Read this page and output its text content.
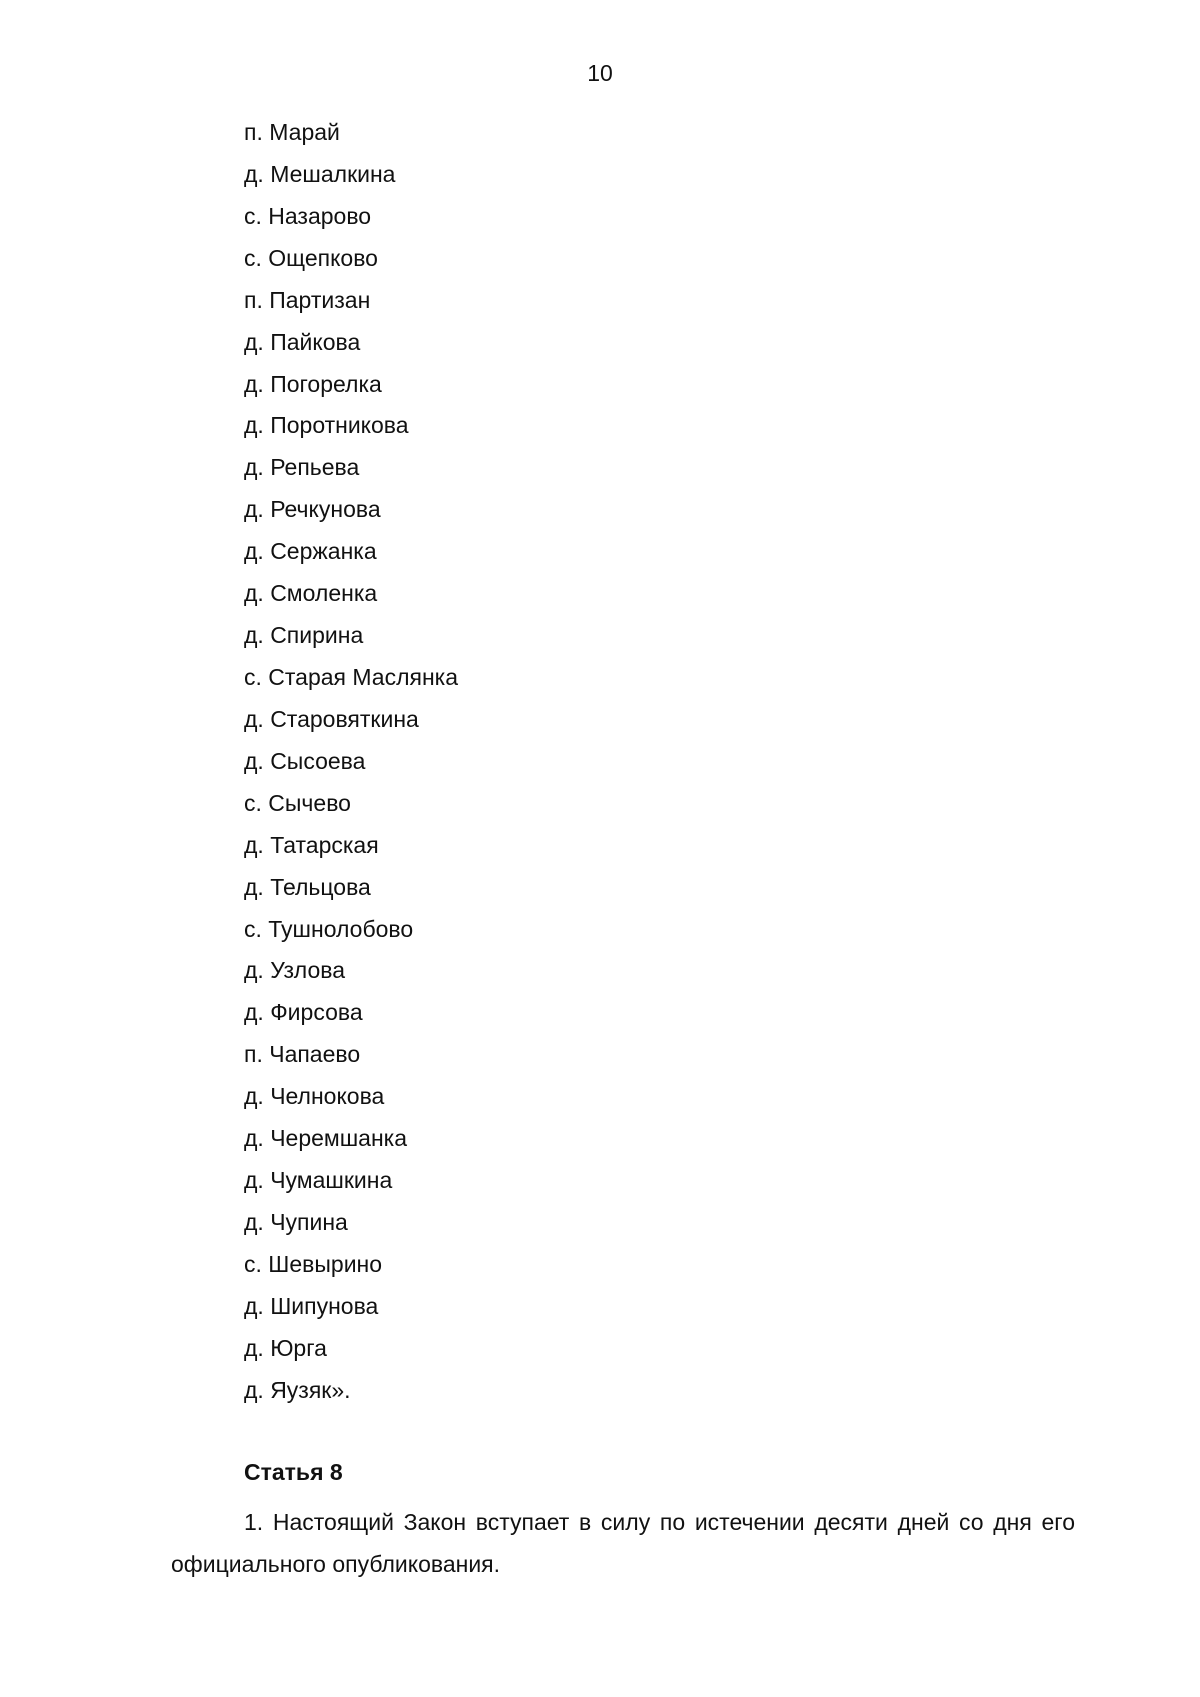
10
п. Марай
д. Мешалкина
с. Назарово
с. Ощепково
п. Партизан
д. Пайкова
д. Погорелка
д. Поротникова
д. Репьева
д. Речкунова
д. Сержанка
д. Смоленка
д. Спирина
с. Старая Маслянка
д. Старовяткина
д. Сысоева
с. Сычево
д. Татарская
д. Тельцова
с. Тушнолобово
д. Узлова
д. Фирсова
п. Чапаево
д. Челнокова
д. Черемшанка
д. Чумашкина
д. Чупина
с. Шевырино
д. Шипунова
д. Юрга
д. Яузяк».
Статья 8

1. Настоящий Закон вступает в силу по истечении десяти дней со дня его официального опубликования.
